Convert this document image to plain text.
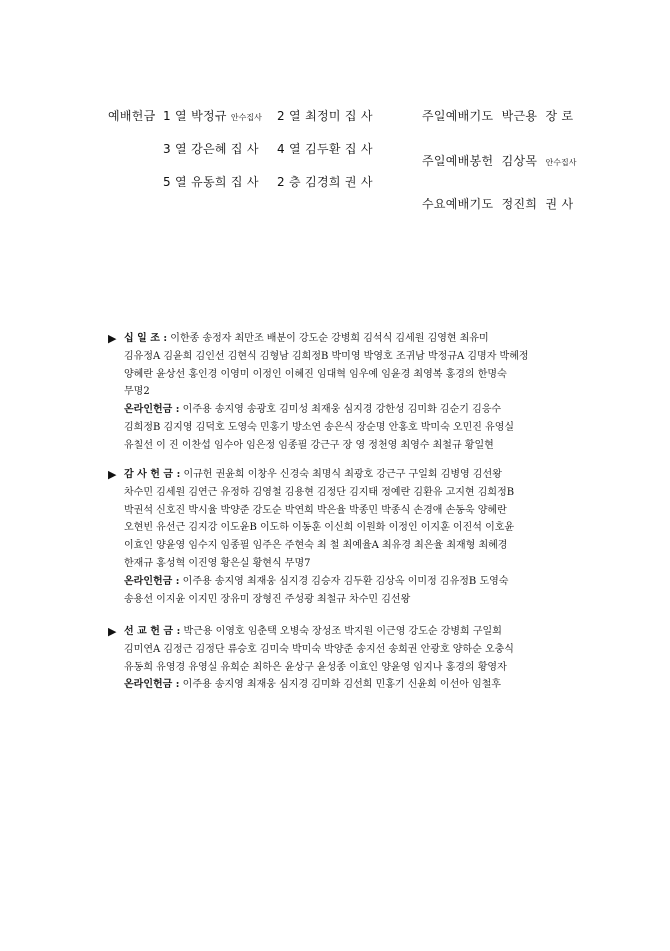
예배헌금 1 열 박정규 안수집사 2 열 최정미 집 사
3 열 강은혜 집 사 4 열 김두환 집 사
5 열 유동희 집 사 2 층 김경희 권 사
주일예배기도 박근용 장 로
주일예배봉헌 김상목 안수집사
수요예배기도 정진희 권 사
▶ 십 일 조 : 이한종 송정자 최만조 배분이 강도순 강병희 김석식 김세원 김영현 최유미
김유정A 김윤희 김인선 김현식 김형남 김희정B 박미영 박영호 조귀남 박정규A 김명자 박혜정
양혜란 윤상선 홍인경 이영미 이정인 이혜진 임대혁 임우예 임윤경 최영복 홍경의 한명숙
무명2
온라인헌금 : 이주용 송지영 송광호 김미성 최재웅 심지경 강한성 김미화 김순기 김응수
김희정B 김지영 김덕호 도영숙 민홍기 방소연 송은식 장순명 안홍호 박미숙 오민진 유영실
유칠선 이 진 이찬섭 임수아 임은정 임종필 강근구 장 영 정천영 최영수 최철규 황일현
▶ 감 사 헌 금 : 이규헌 권윤희 이창우 신경숙 최명식 최광호 강근구 구일회 김병영 김선왕
차수민 김세원 김연근 유정하 김영철 김용현 김정단 김지태 정예란 김환유 고지현 김희정B
박권석 신호진 박시율 박양준 강도순 박연희 박은율 박종민 박종식 손경애 손동욱 양혜란
오현빈 유선근 김지강 이도윤B 이도하 이동훈 이신희 이원화 이정인 이지훈 이진석 이호윤
이효인 양윤영 임수지 임종필 임주은 주현숙 최 철 최예율A 최유경 최은율 최재형 최혜경
한재규 홍성혁 이진영 황은실 황현식 무명7
온라인헌금 : 이주용 송지영 최재웅 심지경 김승자 김두환 김상옥 이미정 김유정B 도영숙
송용선 이지윤 이지민 장유미 장형진 주성광 최철규 차수민 김선왕
▶ 선 교 헌 금 : 박근용 이영호 임춘택 오병숙 장성조 박지원 이근영 강도순 강병희 구일회
김미연A 김정근 김정단 류승호 김미숙 박미숙 박양준 송지선 송희권 안광호 양하순 오충식
유동희 유영경 유영실 유희순 최하은 윤상구 윤성종 이효인 양윤영 임지나 홍경의 황영자
온라인헌금 : 이주용 송지영 최재웅 심지경 김미화 김선희 민홍기 신윤희 이선아 임철후
